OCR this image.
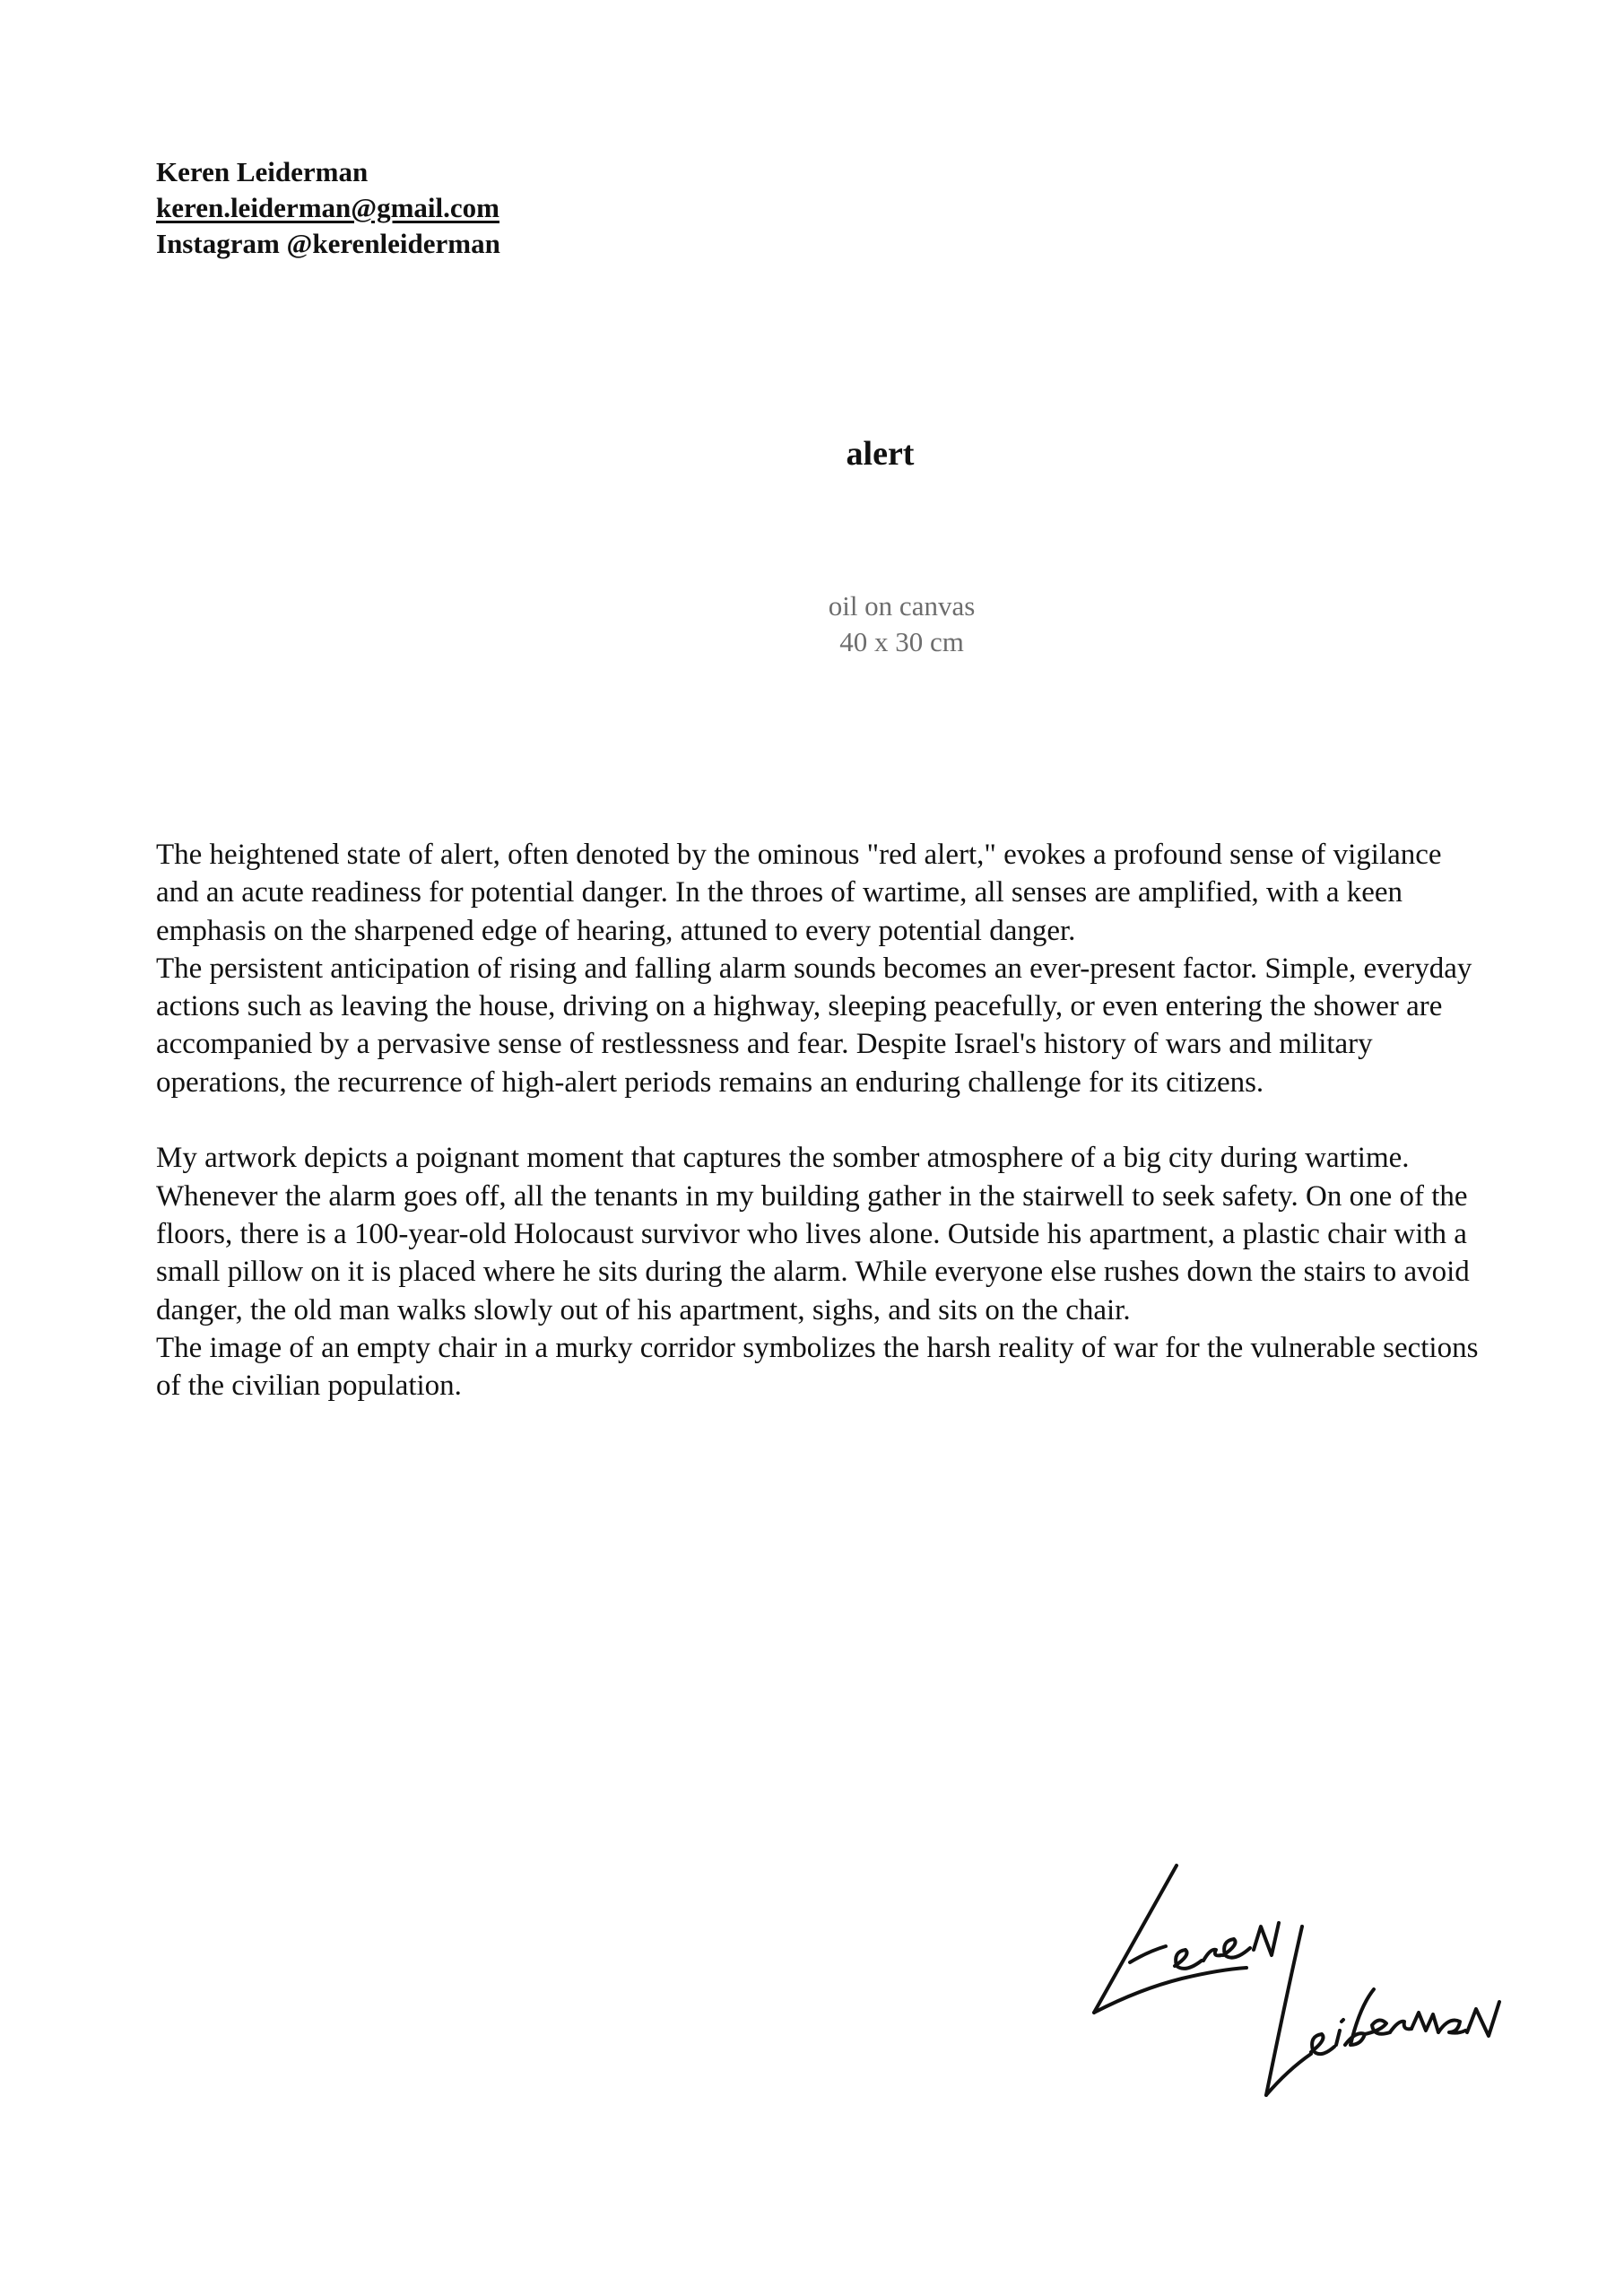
Keren Leiderman
keren.leiderman@gmail.com
Instagram @kerenleiderman
alert
oil on canvas
40 x 30 cm

The heightened state of alert, often denoted by the ominous "red alert," evokes a profound sense of vigilance and an acute readiness for potential danger. In the throes of wartime, all senses are amplified, with a keen emphasis on the sharpened edge of hearing, attuned to every potential danger.

The persistent anticipation of rising and falling alarm sounds becomes an ever-present factor. Simple, everyday actions such as leaving the house, driving on a highway, sleeping peacefully, or even entering the shower are accompanied by a pervasive sense of restlessness and fear. Despite Israel's history of wars and military operations, the recurrence of high-alert periods remains an enduring challenge for its citizens.

My artwork depicts a poignant moment that captures the somber atmosphere of a big city during wartime.

Whenever the alarm goes off, all the tenants in my building gather in the stairwell to seek safety. On one of the floors, there is a 100-year-old Holocaust survivor who lives alone. Outside his apartment, a plastic chair with a small pillow on it is placed where he sits during the alarm. While everyone else rushes down the stairs to avoid danger, the old man walks slowly out of his apartment, sighs, and sits on the chair.

The image of an empty chair in a murky corridor symbolizes the harsh reality of war for the vulnerable sections of the civilian population.
